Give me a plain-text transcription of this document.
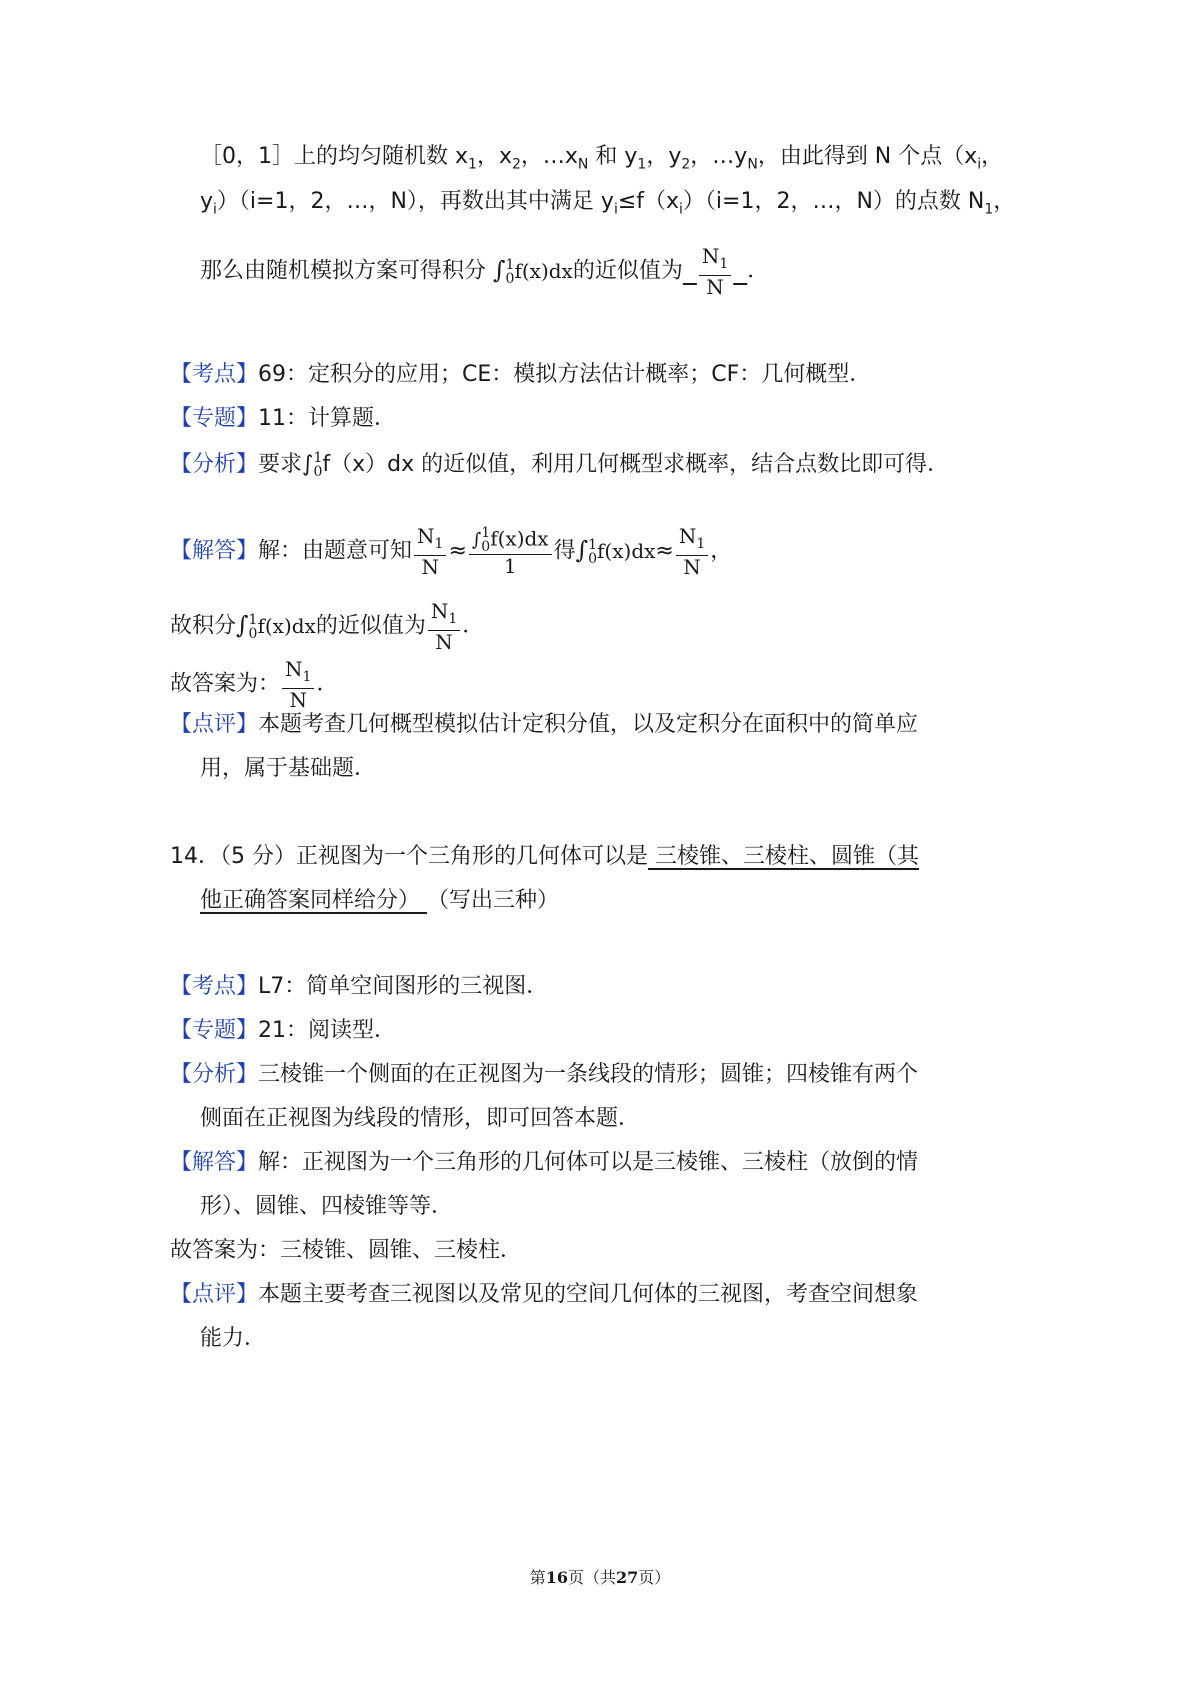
［0，1］上的均匀随机数 $x_1$，$x_2$，$\dots x_N$ 和 $y_1$，$y_2$，$\dots y_N$，由此得到 N 个点（$x_i$，
$y_i)(i=1$，2，…，N），再数出其中满足 $y_i\le f(x_i)(i=1$，2，…，N）的点数 $N_1$，
那么由随机模拟方案可得积分 ∫ 1
0 f(x)dx的近似值为 $\frac{N_1}{N}$ ．
【考点】69：定积分的应用；CE：模拟方法估计概率；CF：几何概型．
【专题】11：计算题．
【分析】要求∫ 1
0 f（x）dx 的近似值，利用几何概型求概率，结合点数比即可得．
【解答】解：由题意可知 $\frac{N_1}{N}$ ≈ ∫ 1
0 f(x)dx
1 得∫ 1
0 $f(x)dx\approx \frac{N_1}{N}$ ，
故积分∫ 1
0 f(x)dx的近似值为 $\frac{N_1}{N}$ ．
故答案为： $\frac{N_1}{N}$ ．
【点评】本题考查几何概型模拟估计定积分值，以及定积分在面积中的简单应
用，属于基础题．
14．（5 分）正视图为一个三角形的几何体可以是 三棱锥、三棱柱、圆锥（其
他正确答案同样给分） （写出三种）
【考点】L7：简单空间图形的三视图．
【专题】21：阅读型．
【分析】三棱锥一个侧面的在正视图为一条线段的情形；圆锥；四棱锥有两个
侧面在正视图为线段的情形，即可回答本题．
【解答】解：正视图为一个三角形的几何体可以是三棱锥、三棱柱（放倒的情
形）、圆锥、四棱锥等等．
故答案为：三棱锥、圆锥、三棱柱．
【点评】本题主要考查三视图以及常见的空间几何体的三视图，考查空间想象
能力．
第16页（共27页）
